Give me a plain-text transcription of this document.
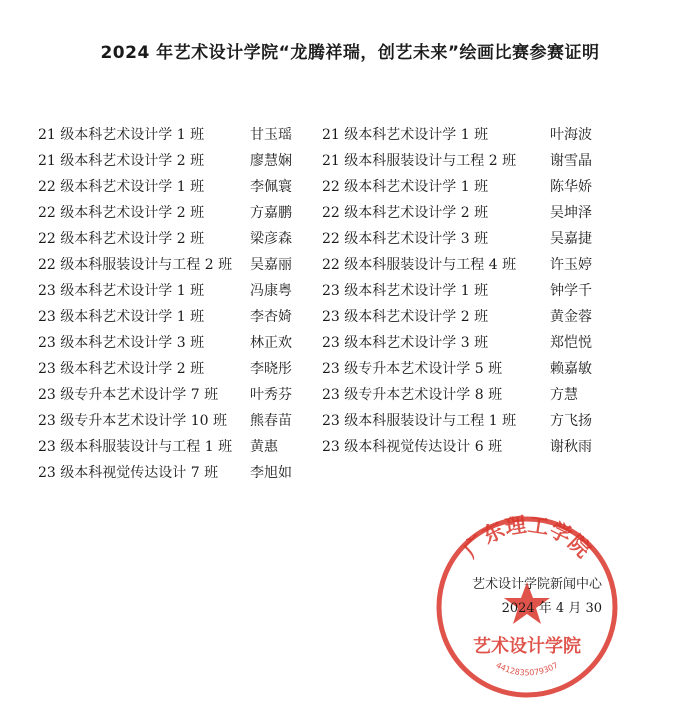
2024 年艺术设计学院“龙腾祥瑞，创艺未来”绘画比赛参赛证明
21 级本科艺术设计学 1 班	甘玉瑶 21 级本科艺术设计学 1 班	叶海波
21 级本科艺术设计学 2 班	廖慧娴 21 级本科服装设计与工程 2 班 谢雪晶
22 级本科艺术设计学 1 班	李佩寰 22 级本科艺术设计学 1 班	陈华娇
22 级本科艺术设计学 2 班	方嘉鹏 22 级本科艺术设计学 2 班	吴坤泽
22 级本科艺术设计学 2 班	梁彦森 22 级本科艺术设计学 3 班	吴嘉捷
22 级本科服装设计与工程 2 班 吴嘉丽 22 级本科服装设计与工程 4 班 许玉婷
23 级本科艺术设计学 1 班	冯康粤 23 级本科艺术设计学 1 班	钟学千
23 级本科艺术设计学 1 班	李杏婍 23 级本科艺术设计学 2 班	黄金蓉
23 级本科艺术设计学 3 班	林正欢 23 级本科艺术设计学 3 班	郑恺悦
23 级本科艺术设计学 2 班	李晓彤 23 级专升本艺术设计学 5 班	赖嘉敏
23 级专升本艺术设计学 7 班 叶秀芬 23 级专升本艺术设计学 8 班	方慧
23 级专升本艺术设计学 10 班 熊春苗 23 级本科服装设计与工程 1 班 方飞扬
23 级本科服装设计与工程 1 班 黄惠	23 级本科视觉传达设计 6 班	谢秋雨
23 级本科视觉传达设计 7 班 李旭如
广东理工学院
艺术设计学院
4412835079307
艺术设计学院新闻中心
2024 年 4 月 30
